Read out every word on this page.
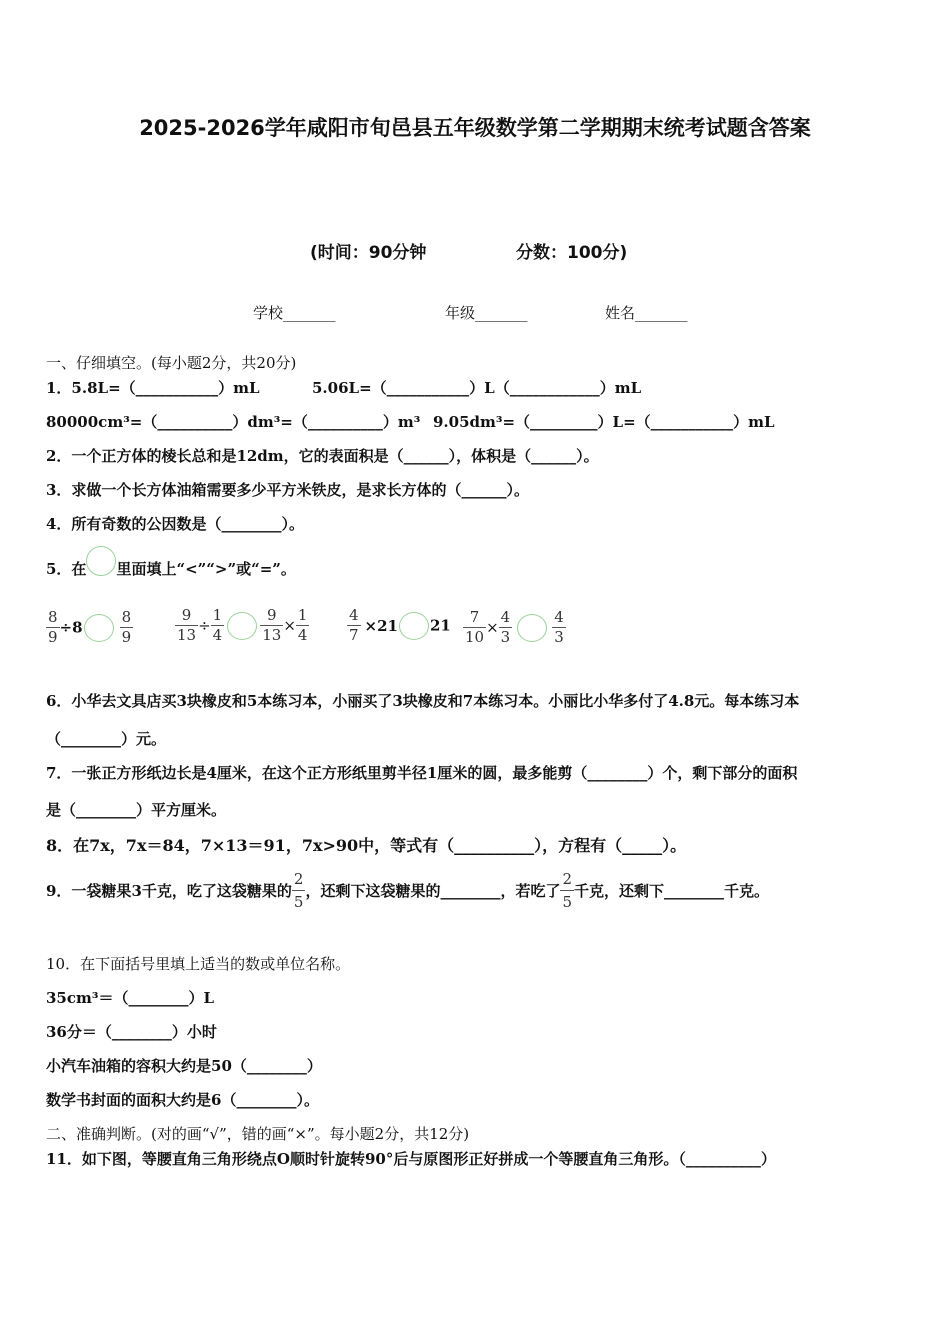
2025-2026学年咸阳市旬邑县五年级数学第二学期期末统考试题含答案
(时间：90分钟	分数：100分)
学校_______	年级_______	姓名_______
一、仔细填空。(每小题2分，共20分)
1．5.8L=（___________）mL	5.06L=（___________）L（____________）mL
80000cm³=（__________）dm³=（__________）m³ 9.05dm³=（_________）L=（___________）mL
2．一个正方体的棱长总和是12dm，它的表面积是（______），体积是（______）。
3．求做一个长方体油箱需要多少平方米铁皮，是求长方体的（______）。
4．所有奇数的公因数是（________）。
5．在 里面填上“<”“>”或“=”。
$\frac{8}{9} \div 8 \frac{8}{9}$	$\frac{9}{13} \div \frac{1}{4} \frac{9}{13} \times \frac{1}{4}$	$\frac{4}{7} \times 21$ $21 \frac{7}{10} \times \frac{4}{3}$	$\frac{4}{3}$
6．小华去文具店买3块橡皮和5本练习本，小丽买了3块橡皮和7本练习本。小丽比小华多付了4.8元。每本练习本
（________）元。
7．一张正方形纸边长是4厘米，在这个正方形纸里剪半径1厘米的圆，最多能剪（________）个，剩下部分的面积
是（________）平方厘米。
8．在7x，7x＝84，7×13＝91，7x>90中，等式有（__________），方程有（_____）。
9．一袋糖果3千克，吃了这袋糖果的 $\frac{2}{5}$ ，还剩下这袋糖果的________，若吃了 $\frac{2}{5}$ 千克，还剩下________千克。
10．在下面括号里填上适当的数或单位名称。
35cm³＝（________）L
36分＝（________）小时
小汽车油箱的容积大约是50（________）
数学书封面的面积大约是6（________）。
二、准确判断。(对的画“√”，错的画“×”。每小题2分，共12分)
11．如下图，等腰直角三角形绕点O顺时针旋转90°后与原图形正好拼成一个等腰直角三角形。（__________）
